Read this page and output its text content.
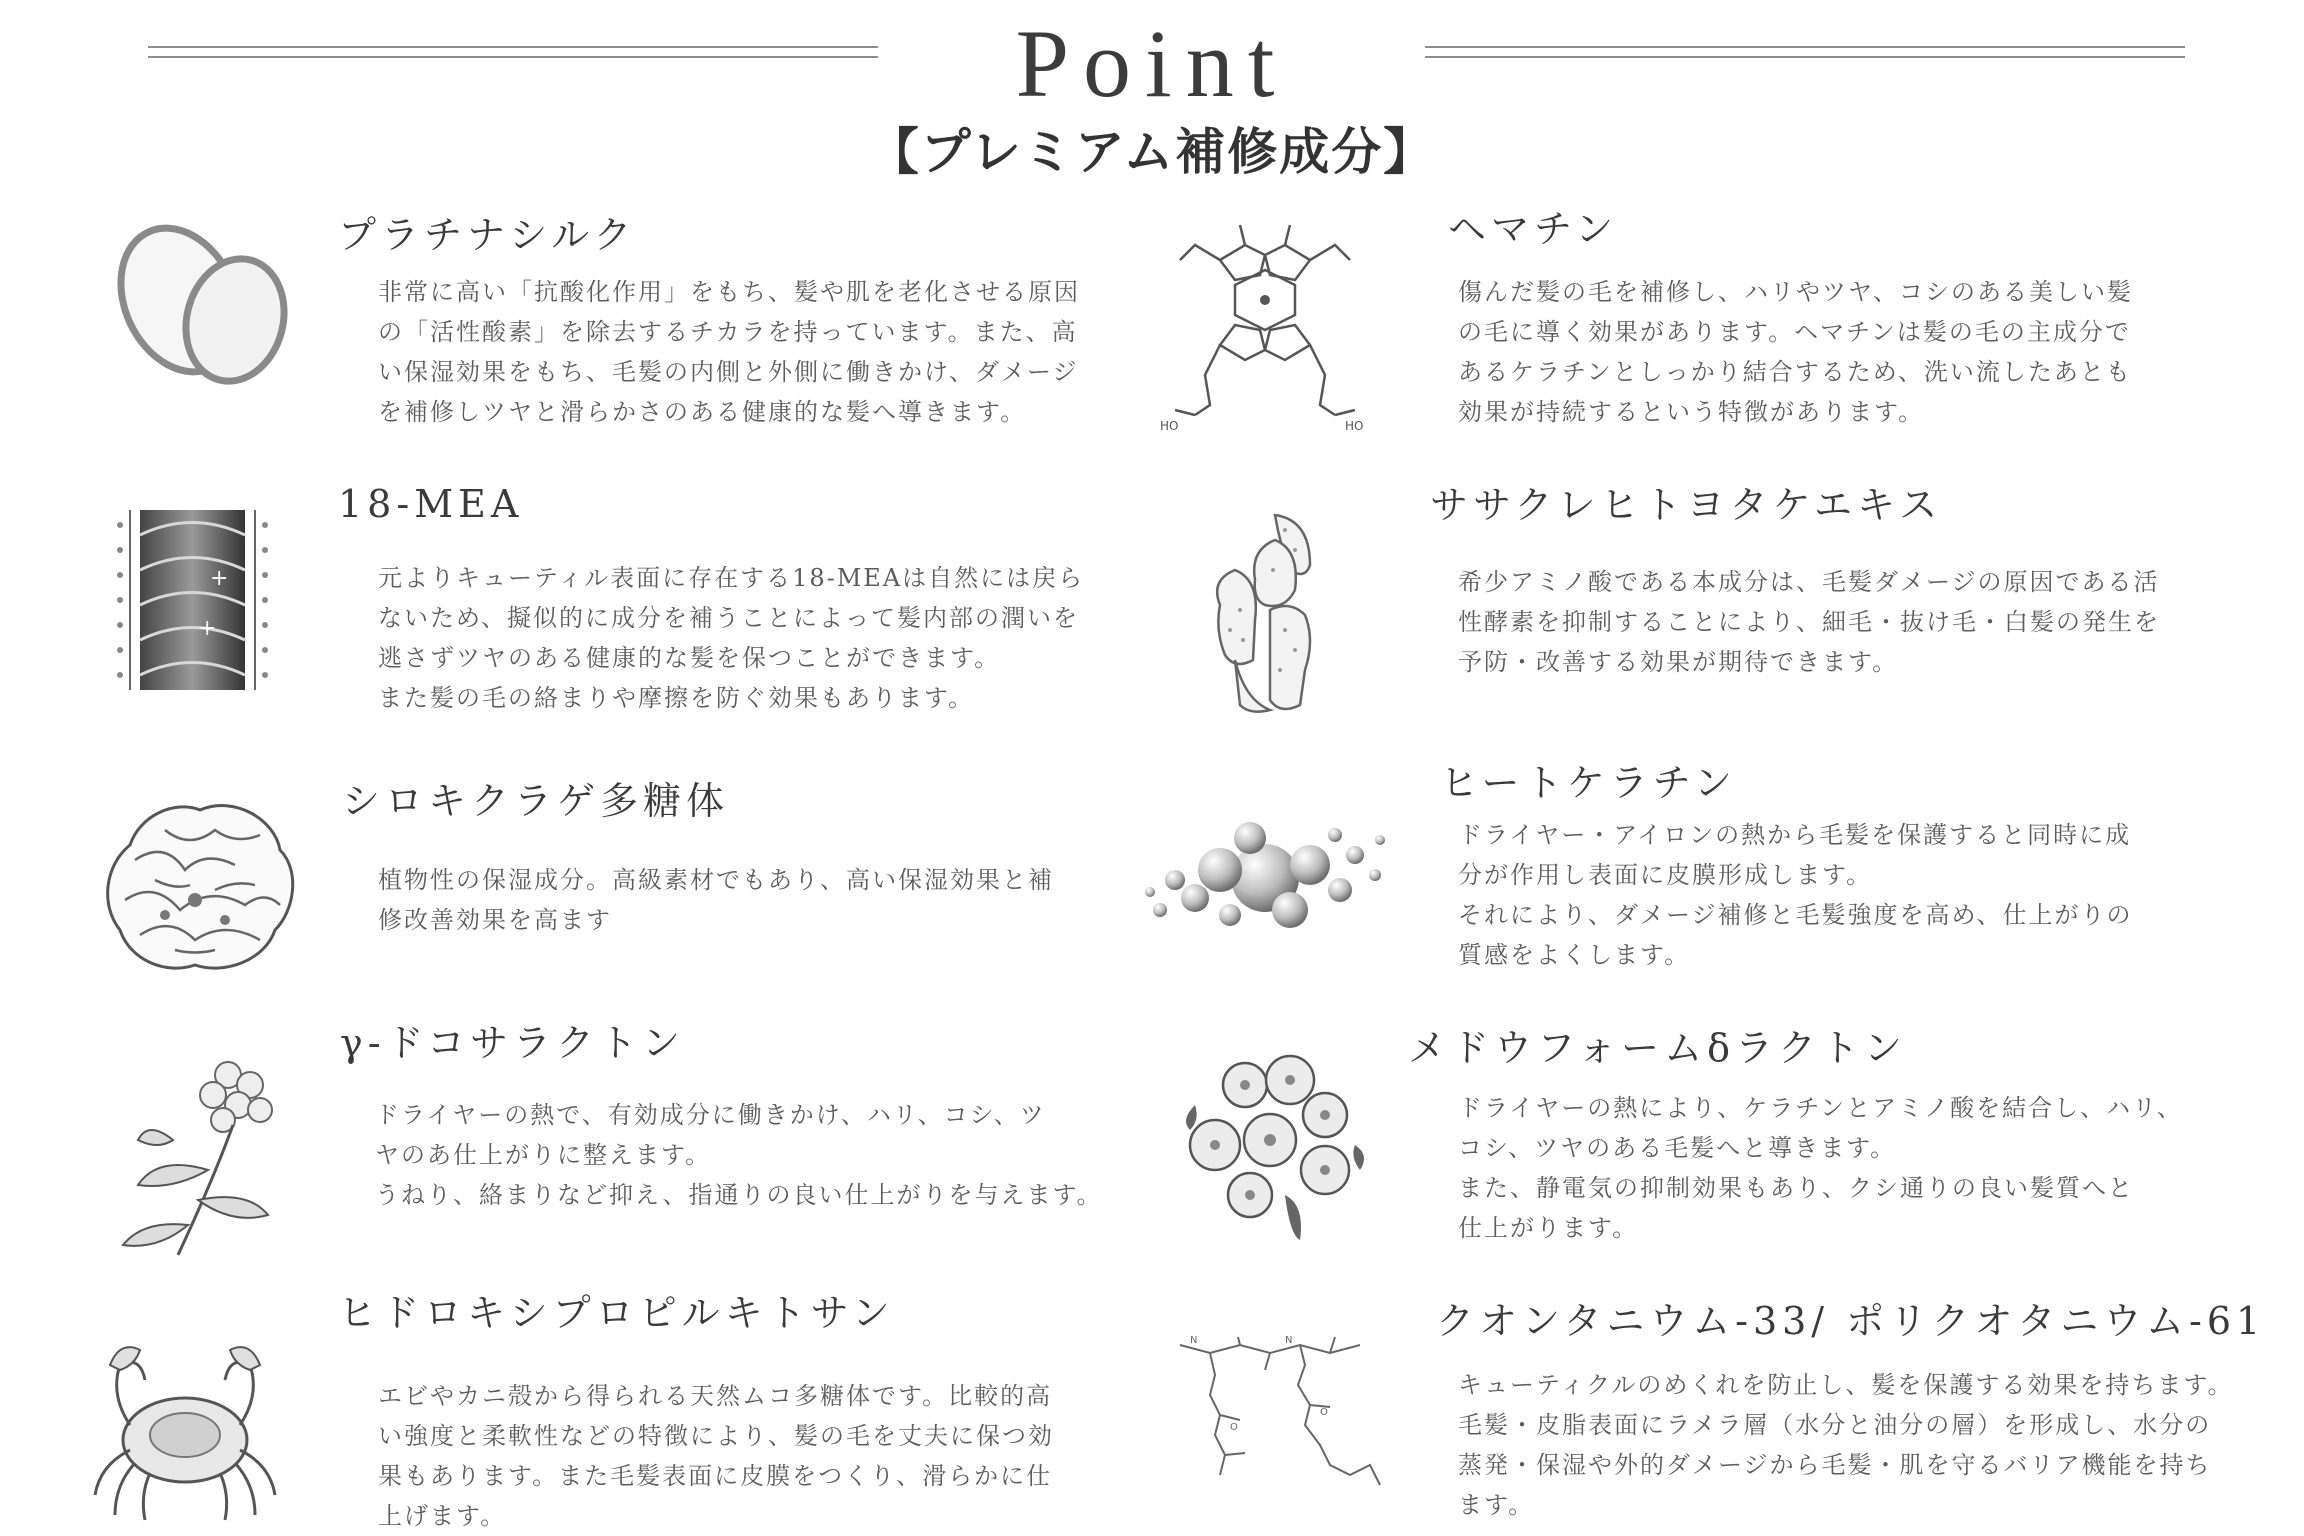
Point
【プレミアム補修成分】
プラチナシルク
非常に高い「抗酸化作用」をもち、髪や肌を老化させる原因
の「活性酸素」を除去するチカラを持っています。また、高
い保湿効果をもち、毛髪の内側と外側に働きかけ、ダメージ
を補修しツヤと滑らかさのある健康的な髪へ導きます。
+
+
18-MEA
元よりキューティル表面に存在する18-MEAは自然には戻ら
ないため、擬似的に成分を補うことによって髪内部の潤いを
逃さずツヤのある健康的な髪を保つことができます。
また髪の毛の絡まりや摩擦を防ぐ効果もあります。
シロキクラゲ多糖体
植物性の保湿成分。高級素材でもあり、高い保湿効果と補
修改善効果を高ます
γ-ドコサラクトン
ドライヤーの熱で、有効成分に働きかけ、ハリ、コシ、ツ
ヤのあ仕上がりに整えます。
うねり、絡まりなど抑え、指通りの良い仕上がりを与えます。
ヒドロキシプロピルキトサン
エビやカニ殻から得られる天然ムコ多糖体です。比較的高
い強度と柔軟性などの特徴により、髪の毛を丈夫に保つ効
果もあります。また毛髪表面に皮膜をつくり、滑らかに仕
上げます。
HO	HO
ヘマチン
傷んだ髪の毛を補修し、ハリやツヤ、コシのある美しい髪
の毛に導く効果があります。ヘマチンは髪の毛の主成分で
あるケラチンとしっかり結合するため、洗い流したあとも
効果が持続するという特徴があります。
ササクレヒトヨタケエキス
希少アミノ酸である本成分は、毛髪ダメージの原因である活
性酵素を抑制することにより、細毛・抜け毛・白髪の発生を
予防・改善する効果が期待できます。
ヒートケラチン
ドライヤー・アイロンの熱から毛髪を保護すると同時に成
分が作用し表面に皮膜形成します。
それにより、ダメージ補修と毛髪強度を高め、仕上がりの
質感をよくします。
メドウフォームδラクトン
ドライヤーの熱により、ケラチンとアミノ酸を結合し、ハリ、
コシ、ツヤのある毛髪へと導きます。
また、静電気の抑制効果もあり、クシ通りの良い髪質へと
仕上がります。
N	N
O
O
クオンタニウム-33/ ポリクオタニウム-61
キューティクルのめくれを防止し、髪を保護する効果を持ちます。
毛髪・皮脂表面にラメラ層（水分と油分の層）を形成し、水分の
蒸発・保湿や外的ダメージから毛髪・肌を守るバリア機能を持ち
ます。
